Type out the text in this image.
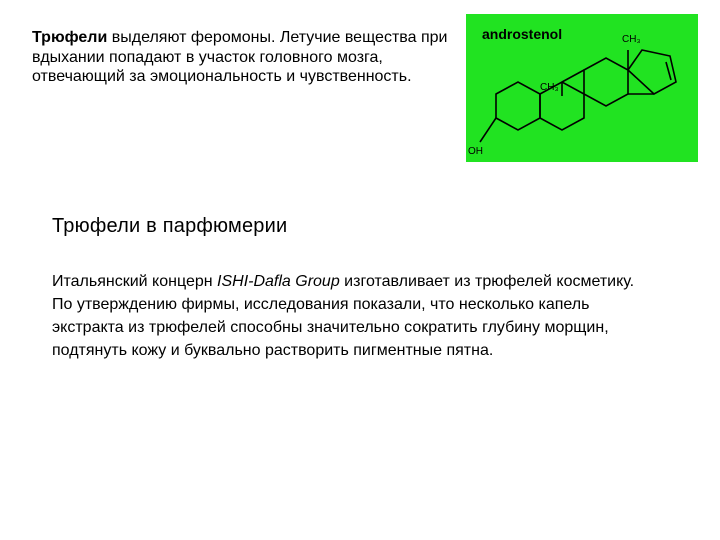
Трюфели выделяют феромоны. Летучие вещества при вдыхании попадают в участок головного мозга, отвечающий за эмоциональность и чувственность.
androstenol	CH₃
CH₃
OH
Трюфели в парфюмерии
Итальянский концерн ISHI-Dafla Group изготавливает из трюфелей косметику. По утверждению фирмы, исследования показали, что несколько капель экстракта из трюфелей способны значительно сократить глубину морщин, подтянуть кожу и буквально растворить пигментные пятна.
